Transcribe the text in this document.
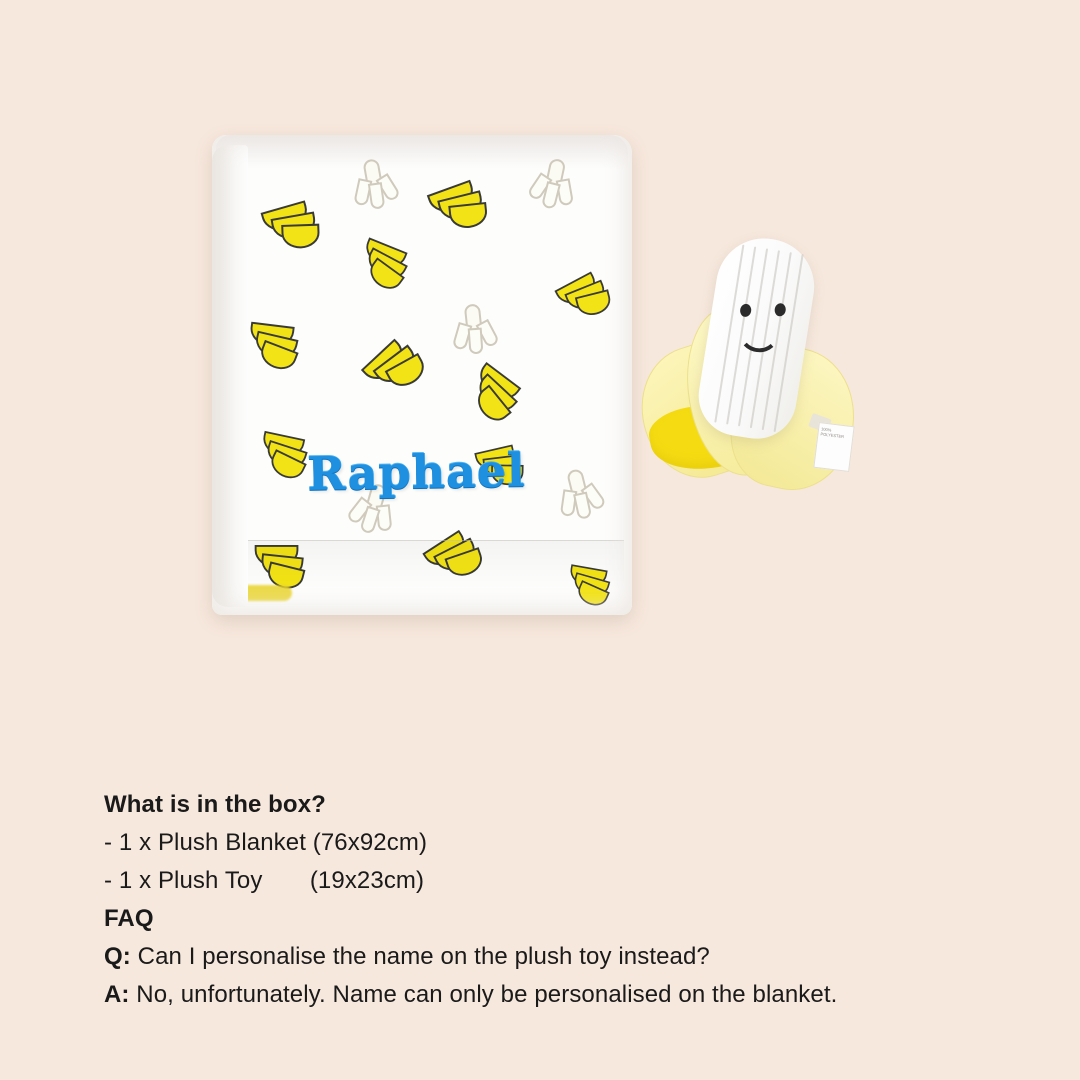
Raphael
100% POLYESTER
What is in the box?
- 1 x Plush Blanket (76x92cm)
- 1 x Plush Toy       (19x23cm)
FAQ
Q: Can I personalise the name on the plush toy instead?
A: No, unfortunately. Name can only be personalised on the blanket.
